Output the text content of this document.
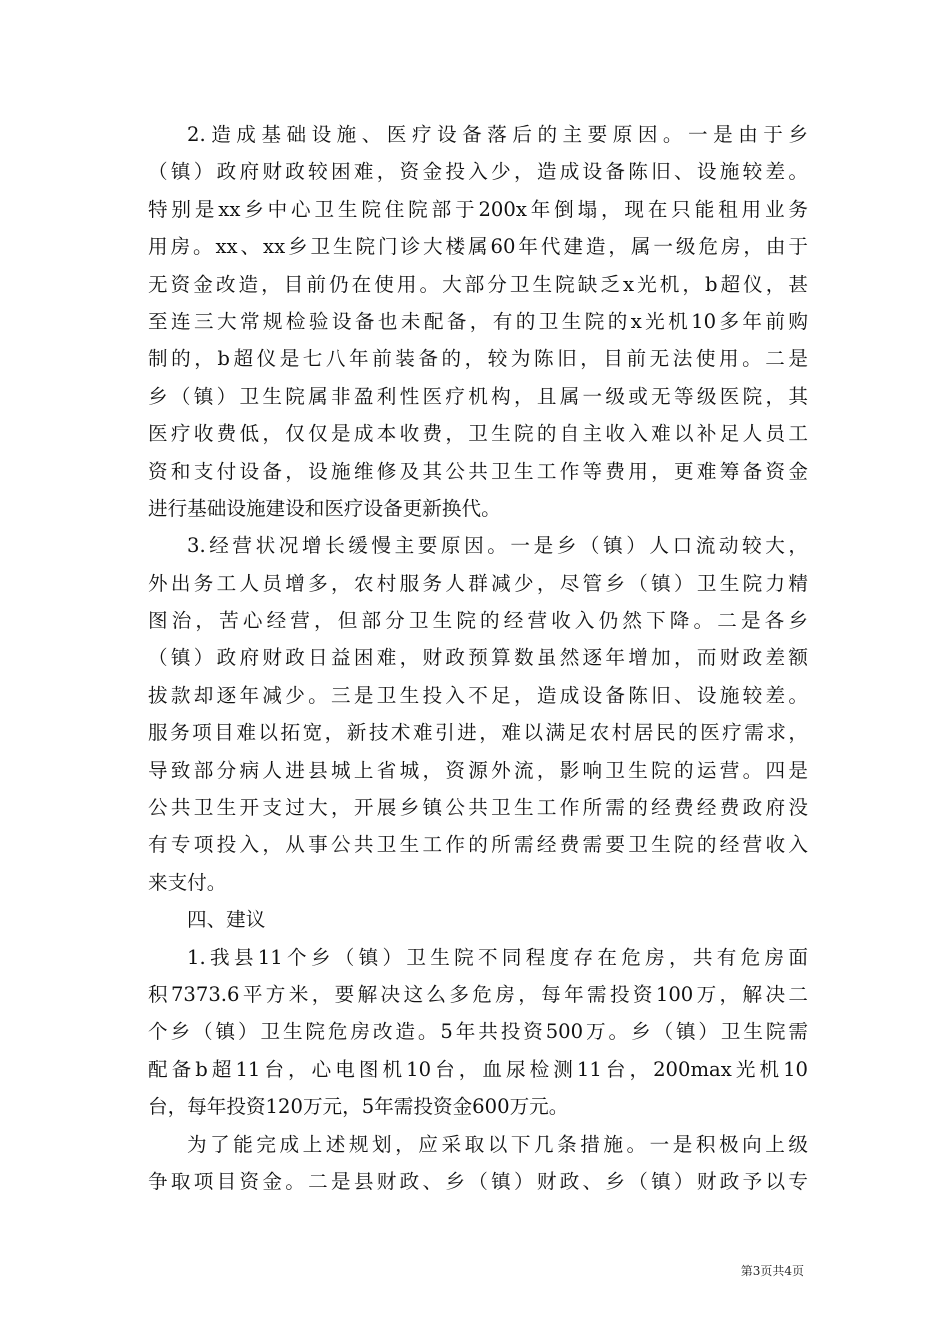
2.造成基础设施、医疗设备落后的主要原因。一是由于乡
（镇）政府财政较困难，资金投入少，造成设备陈旧、设施较差。
特别是xx乡中心卫生院住院部于200x年倒塌，现在只能租用业务
用房。xx、xx乡卫生院门诊大楼属60年代建造，属一级危房，由于
无资金改造，目前仍在使用。大部分卫生院缺乏x光机，b超仪，甚
至连三大常规检验设备也未配备，有的卫生院的x光机10多年前购
制的，b超仪是七八年前装备的，较为陈旧，目前无法使用。二是
乡（镇）卫生院属非盈利性医疗机构，且属一级或无等级医院，其
医疗收费低，仅仅是成本收费，卫生院的自主收入难以补足人员工
资和支付设备，设施维修及其公共卫生工作等费用，更难筹备资金
进行基础设施建设和医疗设备更新换代。
3.经营状况增长缓慢主要原因。一是乡（镇）人口流动较大，
外出务工人员增多，农村服务人群减少，尽管乡（镇）卫生院力精
图治，苦心经营，但部分卫生院的经营收入仍然下降。二是各乡
（镇）政府财政日益困难，财政预算数虽然逐年增加，而财政差额
拔款却逐年减少。三是卫生投入不足，造成设备陈旧、设施较差。
服务项目难以拓宽，新技术难引进，难以满足农村居民的医疗需求，
导致部分病人进县城上省城，资源外流，影响卫生院的运营。四是
公共卫生开支过大，开展乡镇公共卫生工作所需的经费经费政府没
有专项投入，从事公共卫生工作的所需经费需要卫生院的经营收入
来支付。
四、建议
1.我县11个乡（镇）卫生院不同程度存在危房，共有危房面
积7373.6平方米，要解决这么多危房，每年需投资100万，解决二
个乡（镇）卫生院危房改造。5年共投资500万。乡（镇）卫生院需
配备b超11台，心电图机10台，血尿检测11台，200max光机10
台，每年投资120万元，5年需投资金600万元。
为了能完成上述规划，应采取以下几条措施。一是积极向上级
争取项目资金。二是县财政、乡（镇）财政、乡（镇）财政予以专
第3页共4页
